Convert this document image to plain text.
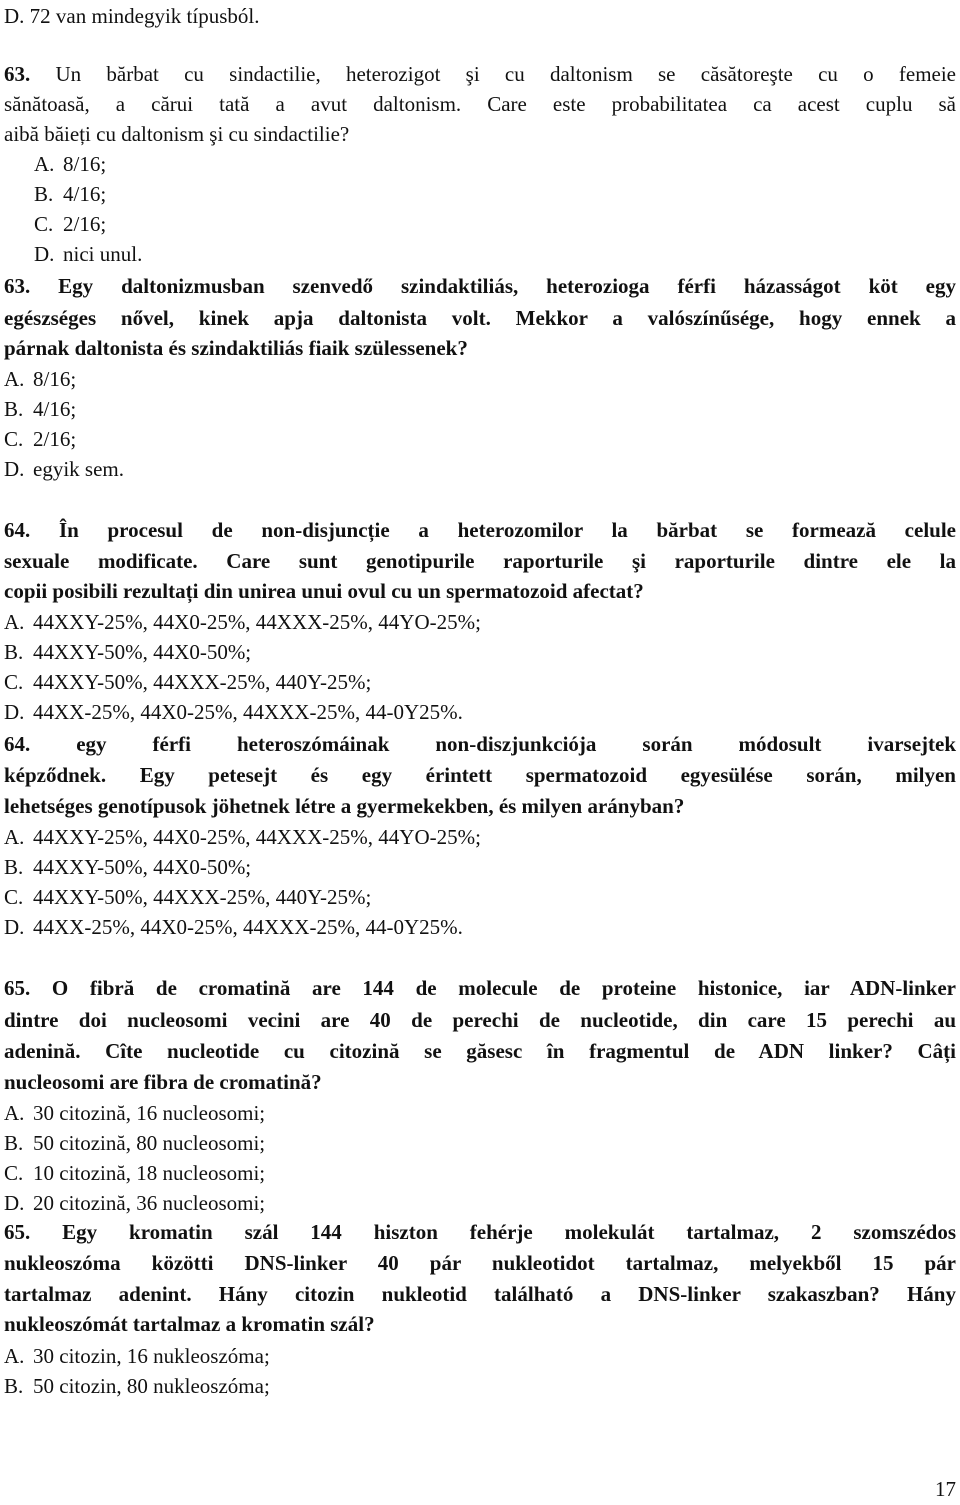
D. 72 van mindegyik típusból.
63. Un bărbat cu sindactilie, heterozigot şi cu daltonism se căsătoreşte cu o femeie
sănătoasă, a cărui tată a avut daltonism. Care este probabilitatea ca acest cuplu să
aibă băieți cu daltonism şi cu sindactilie?
A. 8/16;
B. 4/16;
C. 2/16;
D. nici unul.
63. Egy daltonizmusban szenvedő szindaktiliás, heterozioga férfi házasságot köt egy
egészséges nővel, kinek apja daltonista volt. Mekkor a valószínűsége, hogy ennek a
párnak daltonista és szindaktiliás fiaik szülessenek?
A. 8/16;
B. 4/16;
C. 2/16;
D. egyik sem.
64. În procesul de non-disjuncție a heterozomilor la bărbat se formează celule
sexuale modificate. Care sunt genotipurile raporturile şi raporturile dintre ele la
copii posibili rezultați din unirea unui ovul cu un spermatozoid afectat?
A. 44XXY-25%, 44X0-25%, 44XXX-25%, 44YO-25%;
B. 44XXY-50%, 44X0-50%;
C. 44XXY-50%, 44XXX-25%, 440Y-25%;
D. 44XX-25%, 44X0-25%, 44XXX-25%, 44-0Y25%.
64. egy férfi heteroszómáinak non-diszjunkciója során módosult ivarsejtek
képződnek. Egy petesejt és egy érintett spermatozoid egyesülése során, milyen
lehetséges genotípusok jöhetnek létre a gyermekekben, és milyen arányban?
A. 44XXY-25%, 44X0-25%, 44XXX-25%, 44YO-25%;
B. 44XXY-50%, 44X0-50%;
C. 44XXY-50%, 44XXX-25%, 440Y-25%;
D. 44XX-25%, 44X0-25%, 44XXX-25%, 44-0Y25%.
65. O fibră de cromatină are 144 de molecule de proteine histonice, iar ADN-linker
dintre doi nucleosomi vecini are 40 de perechi de nucleotide, din care 15 perechi au
adenină. Cîte nucleotide cu citozină se găsesc în fragmentul de ADN linker? Câți
nucleosomi are fibra de cromatină?
A. 30 citozină, 16 nucleosomi;
B. 50 citozină, 80 nucleosomi;
C. 10 citozină, 18 nucleosomi;
D. 20 citozină, 36 nucleosomi;
65. Egy kromatin szál 144 hiszton fehérje molekulát tartalmaz, 2 szomszédos
nukleoszóma közötti DNS-linker 40 pár nukleotidot tartalmaz, melyekből 15 pár
tartalmaz adenint. Hány citozin nukleotid található a DNS-linker szakaszban? Hány
nukleoszómát tartalmaz a kromatin szál?
A. 30 citozin, 16 nukleoszóma;
B. 50 citozin, 80 nukleoszóma;
17
